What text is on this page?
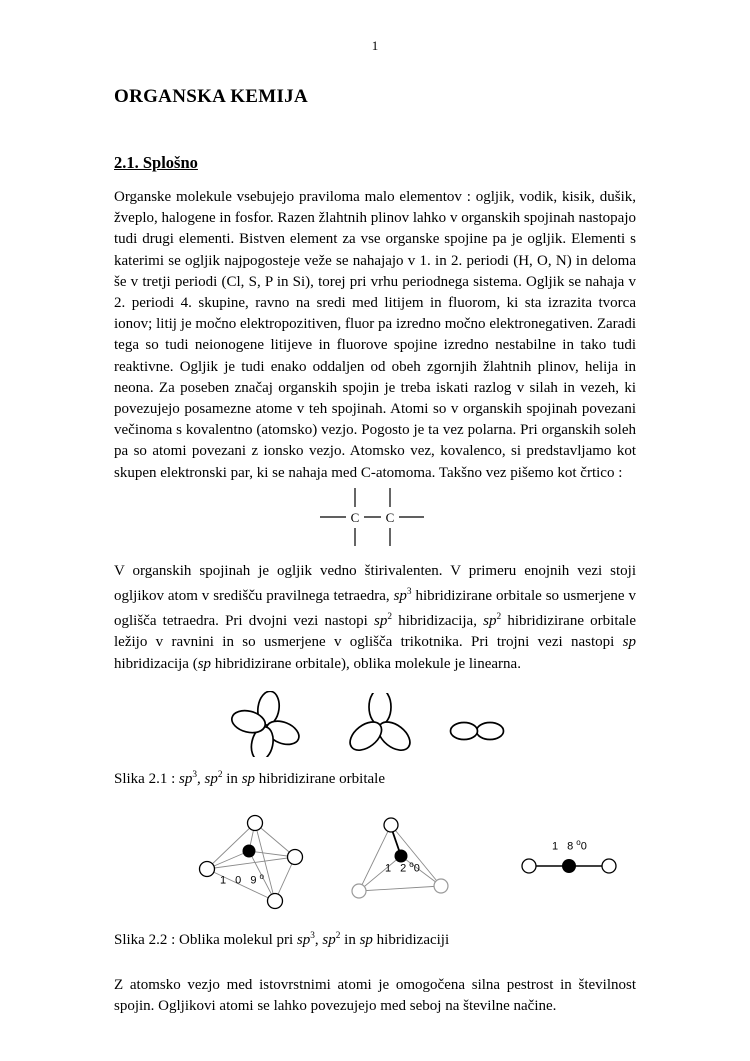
1
ORGANSKA KEMIJA
2.1. Splošno

Organske molekule vsebujejo praviloma malo elementov : ogljik, vodik, kisik, dušik, žveplo, halogene in fosfor. Razen žlahtnih plinov lahko v organskih spojinah nastopajo tudi drugi elementi. Bistven element za vse organske spojine pa je ogljik. Elementi s katerimi se ogljik najpogosteje veže se nahajajo v 1. in 2. periodi (H, O, N) in deloma še v tretji periodi (Cl, S, P in Si), torej pri vrhu periodnega sistema. Ogljik se nahaja v 2. periodi 4. skupine, ravno na sredi med litijem in fluorom, ki sta izrazita tvorca ionov; litij je močno elektropozitiven, fluor pa izredno močno elektronegativen. Zaradi tega so tudi neionogene litijeve in fluorove spojine izredno nestabilne in tako tudi reaktivne. Ogljik je tudi enako oddaljen od obeh zgornjih žlahtnih plinov, helija in neona. Za poseben značaj organskih spojin je treba iskati razlog v silah in vezeh, ki povezujejo posamezne atome v teh spojinah. Atomi so v organskih spojinah povezani večinoma s kovalentno (atomsko) vezjo. Pogosto je ta vez polarna. Pri organskih soleh pa so atomi povezani z ionsko vezjo. Atomsko vez, kovalenco, si predstavljamo kot skupen elektronski par, ki se nahaja med C-atomoma. Takšno vez pišemo kot črtico :

C C

V organskih spojinah je ogljik vedno štirivalenten. V primeru enojnih vezi stoji ogljikov atom v središču pravilnega tetraedra, $sp^3$ hibridizirane orbitale so usmerjene v oglišča tetraedra. Pri dvojni vezi nastopi $sp^2$ hibridizacija, $sp^2$ hibridizirane orbitale ležijo v ravnini in so usmerjene v oglišča trikotnika. Pri trojni vezi nastopi sp hibridizacija (sp hibridizirane orbitale), oblika molekule je linearna.

Slika 2.1 : $sp^3$, $sp^2$ in sp hibridizirane orbitale

1 0 9$^o$
1 2$^o$0
1 8$^o$0

Slika 2.2 : Oblika molekul pri $sp^3$, $sp^2$ in sp hibridizaciji

Z atomsko vezjo med istovrstnimi atomi je omogočena silna pestrost in številnost spojin. Ogljikovi atomi se lahko povezujejo med seboj na številne načine.
